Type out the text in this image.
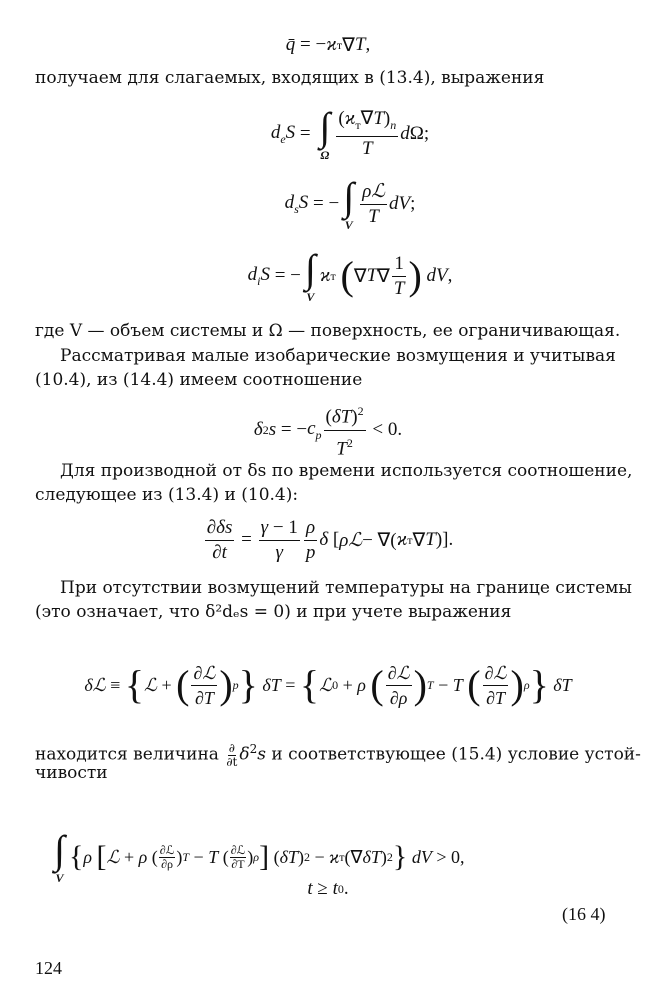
q̄ = − ϰ т ∇ T ,
получаем для слагаемых, входящих в (13.4), выражения
$d_eS$ = ∫
Ω $\frac{(ϰ_т\nabla T)_n}{T}$ d Ω;
$d_sS$ = − ∫
V $\frac{\text{ρℒ}}{T}$ dV ;
$d_iS$ = − ∫
V
ϰ т
( ∇ T ∇ $\frac{1}{T}$ )
dV ,
где V — объем системы и Ω — поверхность, ее ограничивающая.
Рассматривая малые изобарические возмущения и учитывая
(10.4), из (14.4) имеем соотношение
δ 2 s = − $c_p \frac{(\delta T)^2}{T^2} < 0$.
Для производной от δs по времени используется соотношение,
следующее из (13.4) и (10.4):
$\frac{\partial\delta s}{\partial t} = \frac{\gamma - 1}{\gamma} \frac{\rho}{p}$ δ [ ρℒ − ∇( ϰ т ∇ T )].
При отсутствии возмущений температуры на границе системы
(это означает, что δ²dₑs = 0) и при учете выражения
δℒ ≡ { ℒ + ( $\frac{\text{∂ℒ}}{\partial T}$ ) p }
δT = { ℒ 0 + ρ
( $\frac{\text{∂ℒ}}{\partial\rho}$ ) T − T
( $\frac{\text{∂ℒ}}{\partial T}$ ) ρ }
δT
находится величина $\frac{\partial}{\partial t} \delta^2s$ и соответствующее (15.4) условие устой-
чивости
∫
V
{ ρ
[ ℒ + ρ ( $\frac{\text{∂ℒ}}{\partial\rho}$ ) T − T ( $\frac{\text{∂ℒ}}{\partial T}$ ) ρ ] ( δT ) 2 − ϰ т (∇ δT ) 2 }
dV > 0,
t ≥ t 0 .
(16 4)
124
